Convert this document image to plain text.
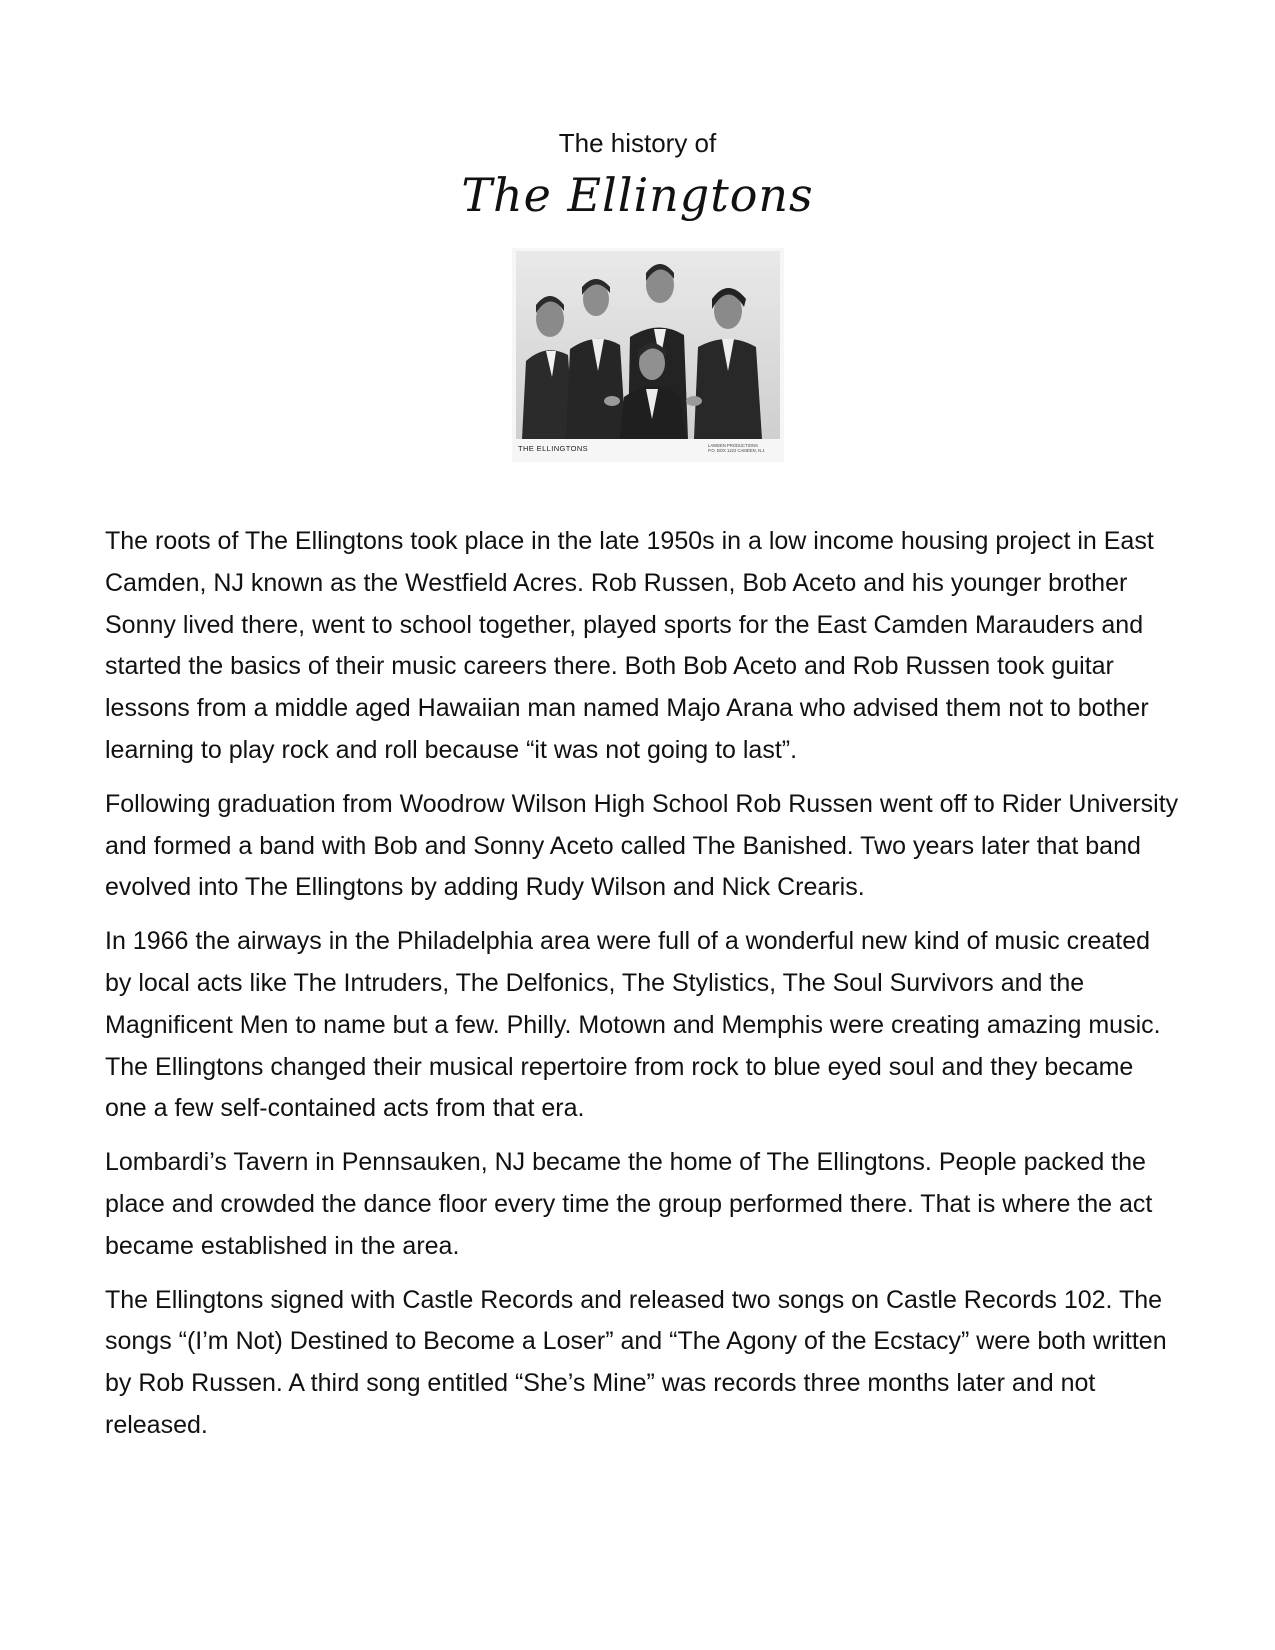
The history of
The Ellingtons
THE ELLINGTONS	LAWDEN PRODUCTIONS
P.O. BOX 1222 CAMDEN, N.J.

The roots of The Ellingtons took place in the late 1950s in a low income housing project in East Camden, NJ known as the Westfield Acres. Rob Russen, Bob Aceto and his younger brother Sonny lived there, went to school together, played sports for the East Camden Marauders and started the basics of their music careers there. Both Bob Aceto and Rob Russen took guitar lessons from a middle aged Hawaiian man named Majo Arana who advised them not to bother learning to play rock and roll because “it was not going to last”.

Following graduation from Woodrow Wilson High School Rob Russen went off to Rider University and formed a band with Bob and Sonny Aceto called The Banished. Two years later that band evolved into The Ellingtons by adding Rudy Wilson and Nick Crearis.

In 1966 the airways in the Philadelphia area were full of a wonderful new kind of music created by local acts like The Intruders, The Delfonics, The Stylistics, The Soul Survivors and the Magnificent Men to name but a few. Philly. Motown and Memphis were creating amazing music. The Ellingtons changed their musical repertoire from rock to blue eyed soul and they became one a few self-contained acts from that era.

Lombardi’s Tavern in Pennsauken, NJ became the home of The Ellingtons. People packed the place and crowded the dance floor every time the group performed there. That is where the act became established in the area.

The Ellingtons signed with Castle Records and released two songs on Castle Records 102. The songs “(I’m Not) Destined to Become a Loser” and “The Agony of the Ecstacy” were both written by Rob Russen. A third song entitled “She’s Mine” was records three months later and not released.
